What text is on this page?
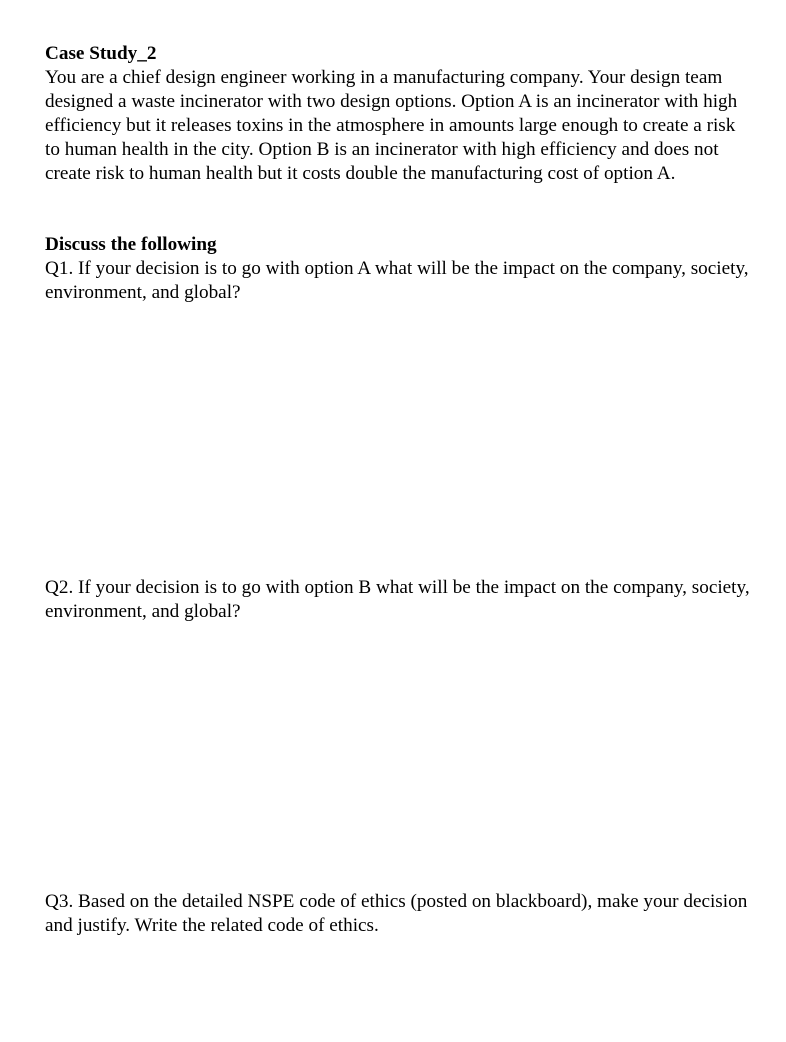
Case Study_2
You are a chief design engineer working in a manufacturing company. Your design team designed a waste incinerator with two design options. Option A is an incinerator with high efficiency but it releases toxins in the atmosphere in amounts large enough to create a risk to human health in the city. Option B is an incinerator with high efficiency and does not create risk to human health but it costs double the manufacturing cost of option A.
Discuss the following
Q1. If your decision is to go with option A what will be the impact on the company, society, environment, and global?
Q2. If your decision is to go with option B what will be the impact on the company, society, environment, and global?
Q3. Based on the detailed NSPE code of ethics (posted on blackboard), make your decision and justify. Write the related code of ethics.
